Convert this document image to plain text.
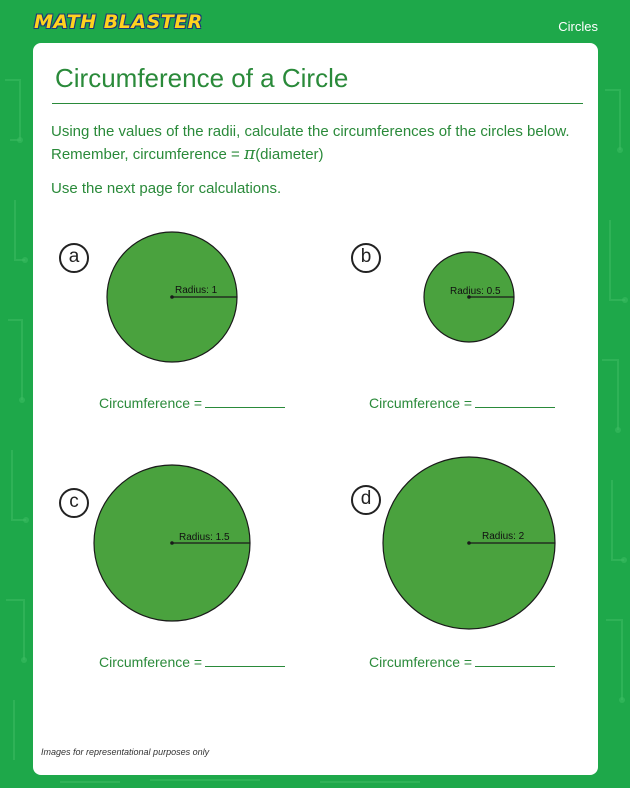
MATH BLASTER	Circles
Circumference of a Circle
Using the values of the radii, calculate the circumferences of the circles below.
Remember, circumference = π(diameter)
Use the next page for calculations.
a
Radius: 1	Radius: 0.5
Radius: 1.5	Radius: 2
b
c	d
Circumference =	Circumference =
Circumference =	Circumference =
Images for representational purposes only
© 2007-2012 Knowledge Adventure, Inc. All Rights Reserved.
